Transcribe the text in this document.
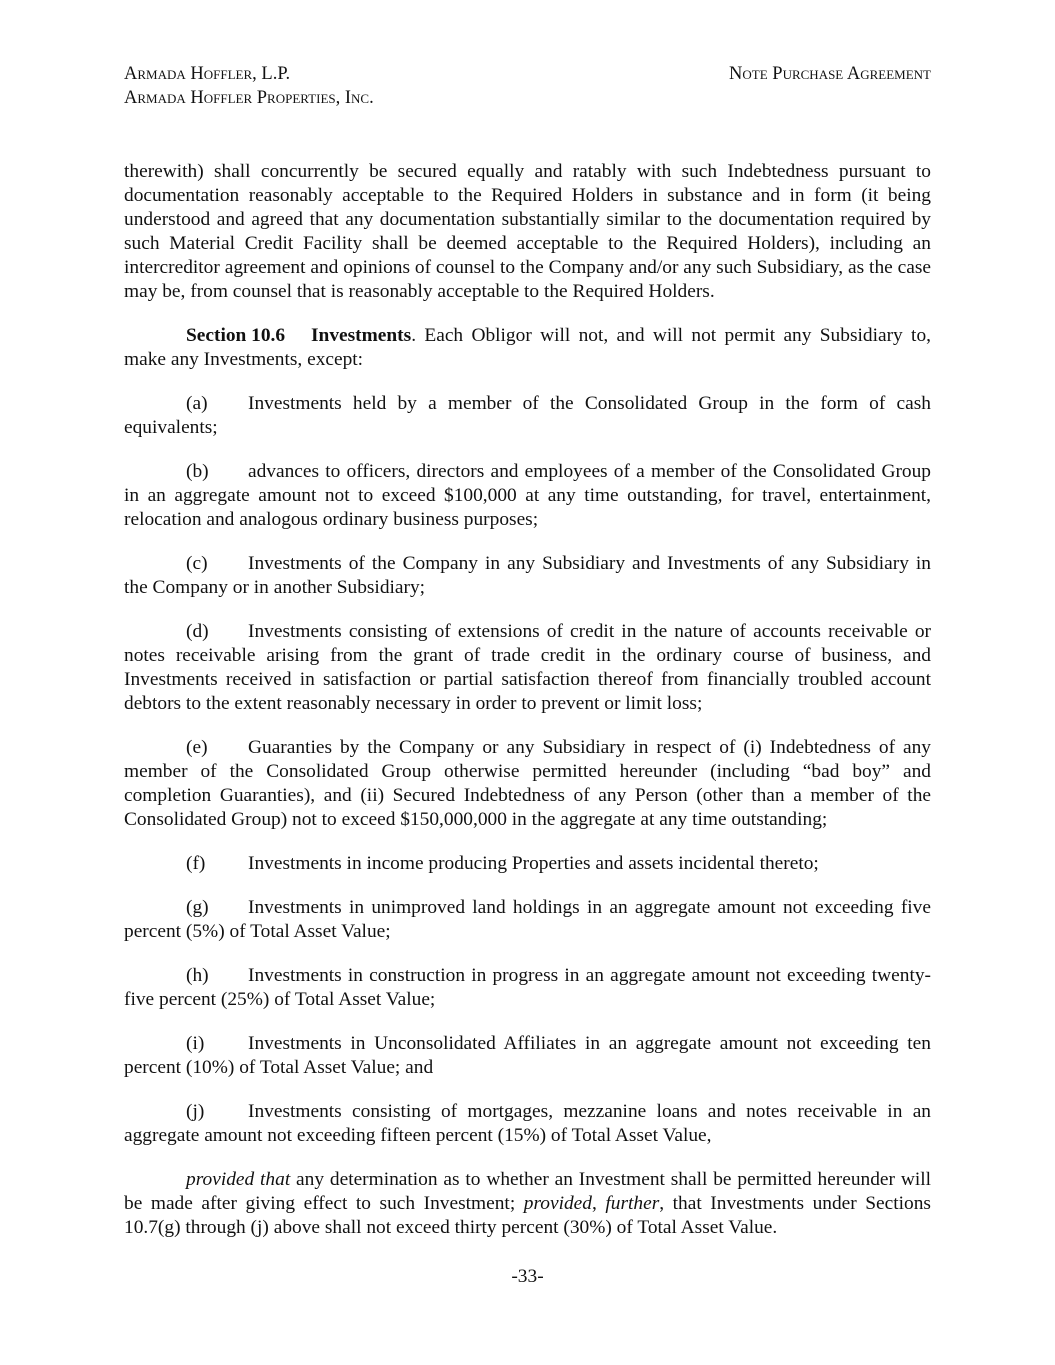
Armada Hoffler, L.P.
Armada Hoffler Properties, Inc.
Note Purchase Agreement

therewith) shall concurrently be secured equally and ratably with such Indebtedness pursuant to documentation reasonably acceptable to the Required Holders in substance and in form (it being understood and agreed that any documentation substantially similar to the documentation required by such Material Credit Facility shall be deemed acceptable to the Required Holders), including an intercreditor agreement and opinions of counsel to the Company and/or any such Subsidiary, as the case may be, from counsel that is reasonably acceptable to the Required Holders.

Section 10.6 Investments. Each Obligor will not, and will not permit any Subsidiary to, make any Investments, except:

(a) Investments held by a member of the Consolidated Group in the form of cash equivalents;

(b) advances to officers, directors and employees of a member of the Consolidated Group in an aggregate amount not to exceed $100,000 at any time outstanding, for travel, entertainment, relocation and analogous ordinary business purposes;

(c) Investments of the Company in any Subsidiary and Investments of any Subsidiary in the Company or in another Subsidiary;

(d) Investments consisting of extensions of credit in the nature of accounts receivable or notes receivable arising from the grant of trade credit in the ordinary course of business, and Investments received in satisfaction or partial satisfaction thereof from financially troubled account debtors to the extent reasonably necessary in order to prevent or limit loss;

(e) Guaranties by the Company or any Subsidiary in respect of (i) Indebtedness of any member of the Consolidated Group otherwise permitted hereunder (including “bad boy” and completion Guaranties), and (ii) Secured Indebtedness of any Person (other than a member of the Consolidated Group) not to exceed $150,000,000 in the aggregate at any time outstanding;

(f) Investments in income producing Properties and assets incidental thereto;

(g) Investments in unimproved land holdings in an aggregate amount not exceeding five percent (5%) of Total Asset Value;

(h) Investments in construction in progress in an aggregate amount not exceeding twenty-five percent (25%) of Total Asset Value;

(i) Investments in Unconsolidated Affiliates in an aggregate amount not exceeding ten percent (10%) of Total Asset Value; and

(j) Investments consisting of mortgages, mezzanine loans and notes receivable in an aggregate amount not exceeding fifteen percent (15%) of Total Asset Value,

provided that any determination as to whether an Investment shall be permitted hereunder will be made after giving effect to such Investment; provided, further, that Investments under Sections 10.7(g) through (j) above shall not exceed thirty percent (30%) of Total Asset Value.

-33-
